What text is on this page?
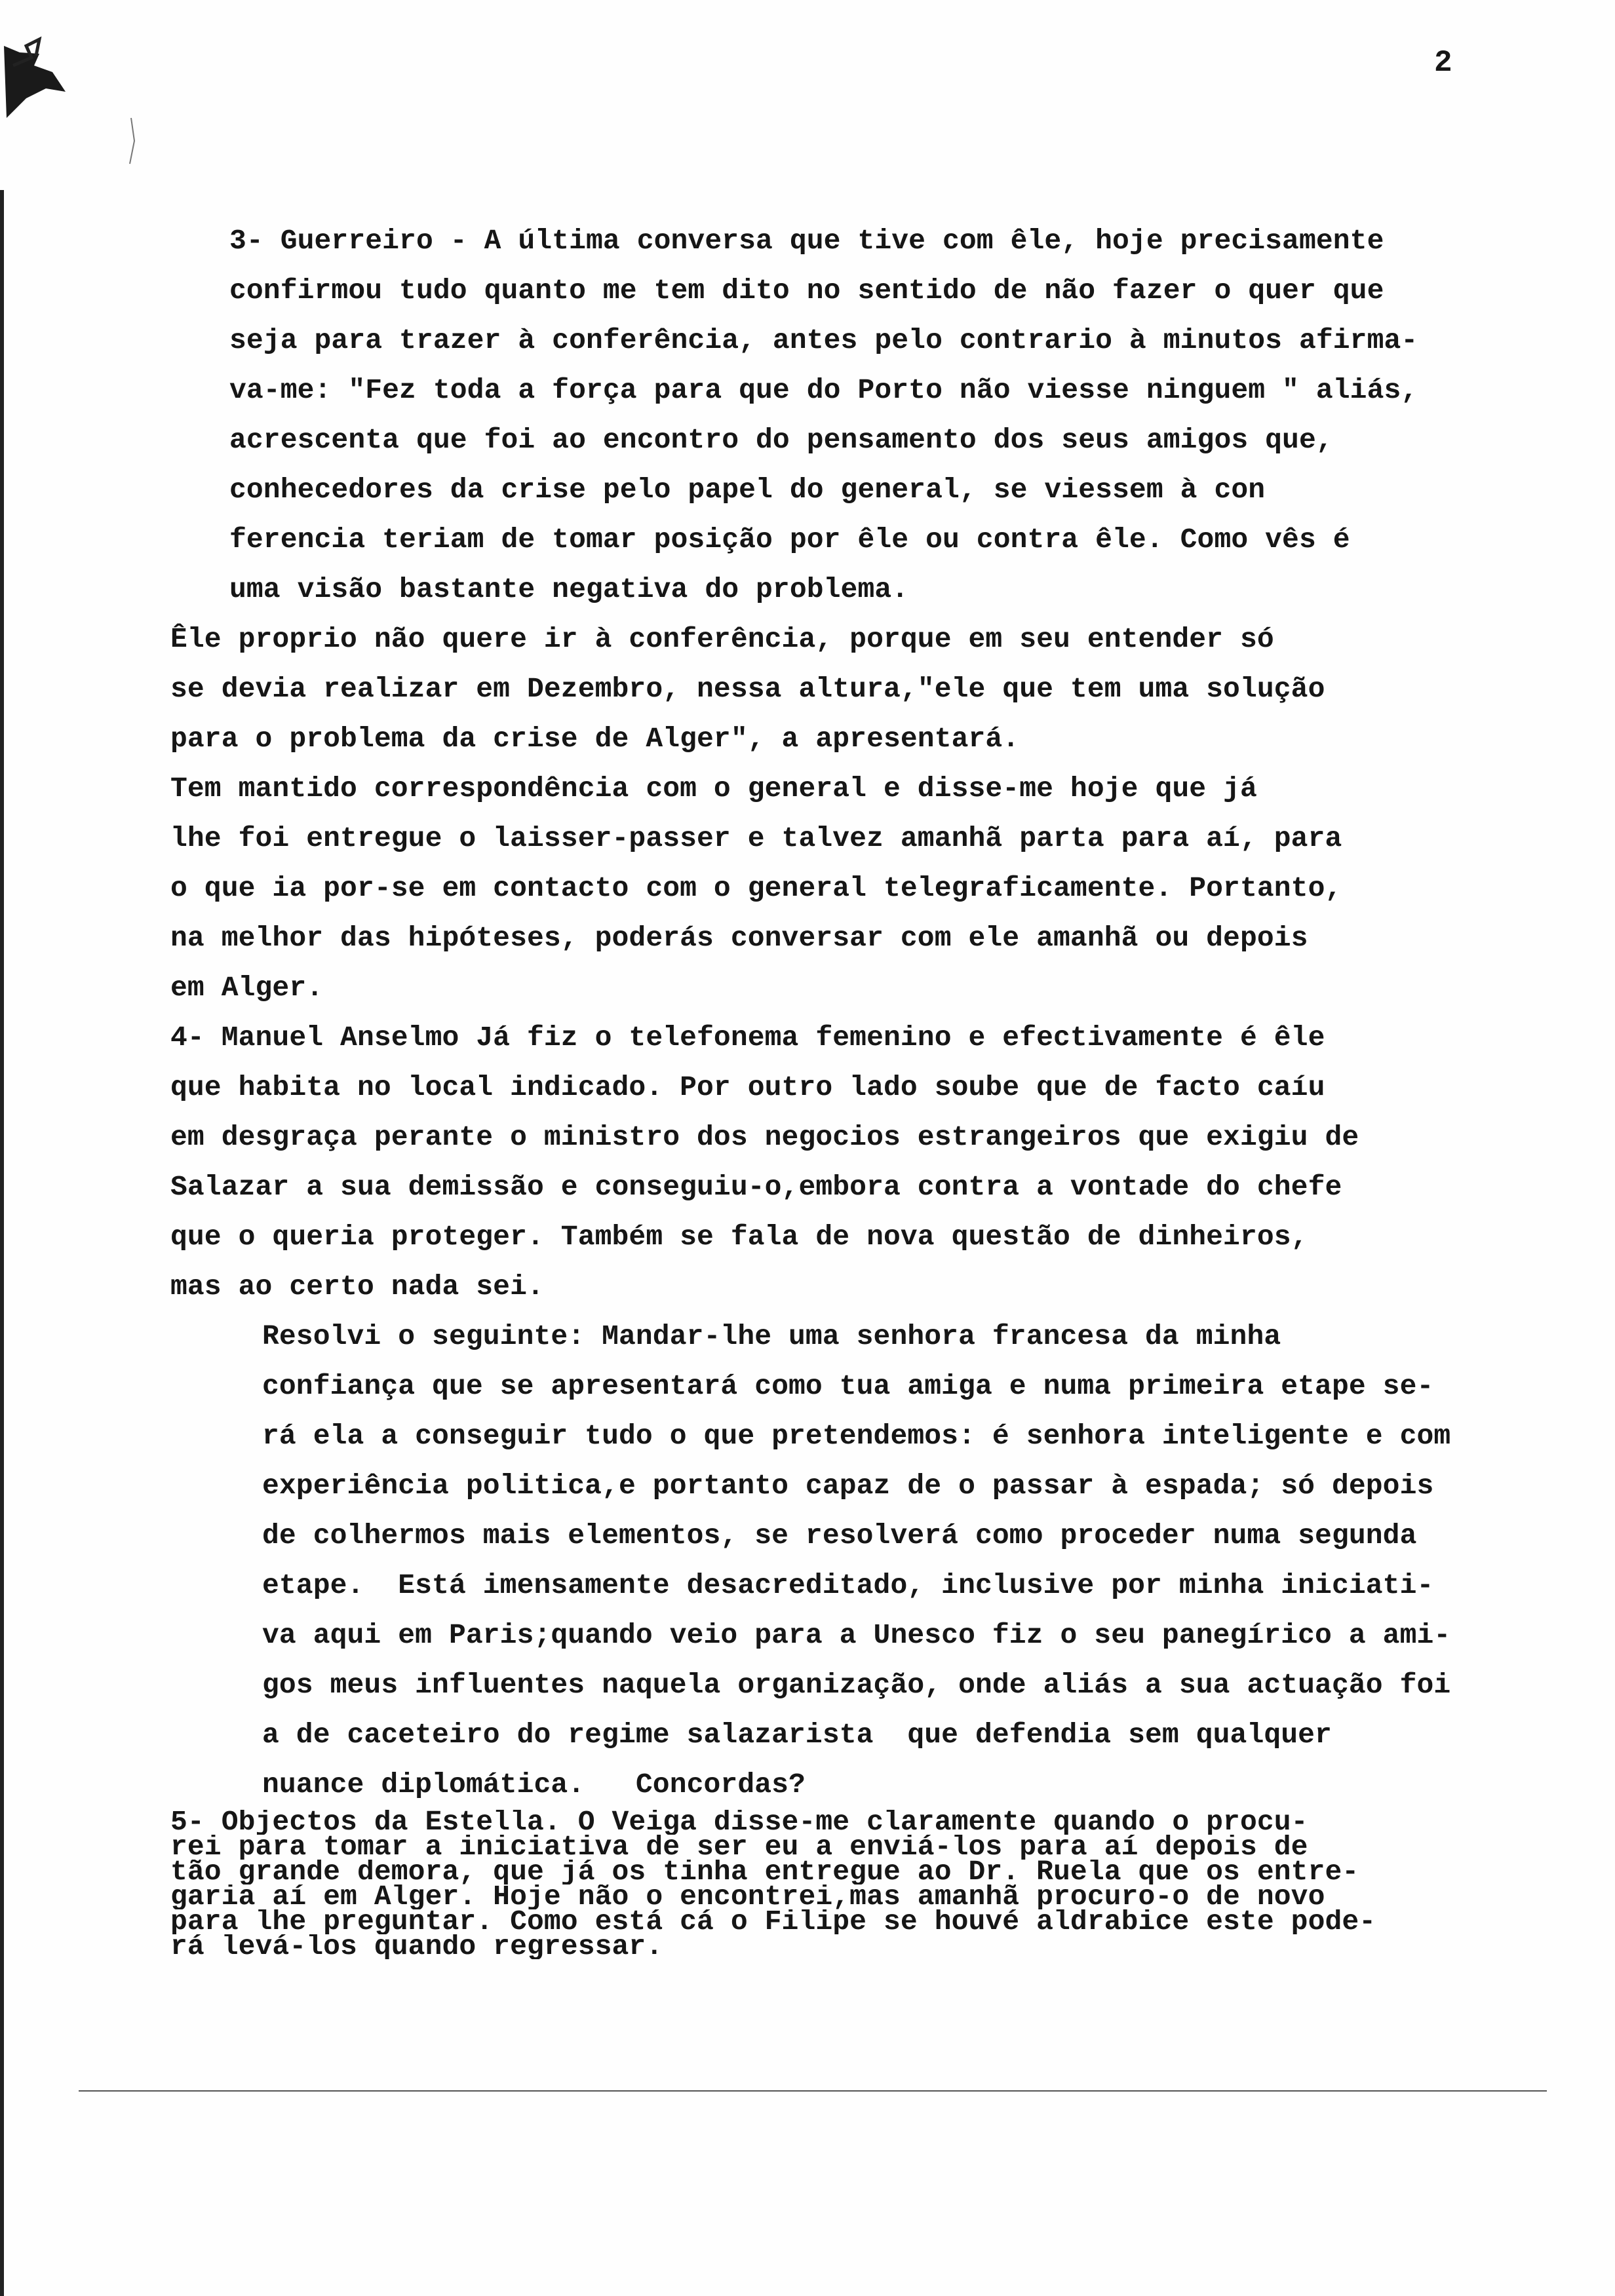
2

3- Guerreiro - A última conversa que tive com êle, hoje precisamente
confirmou tudo quanto me tem dito no sentido de não fazer o quer que
seja para trazer à conferência, antes pelo contrario à minutos afirma-
va-me: "Fez toda a força para que do Porto não viesse ninguem " aliás,
acrescenta que foi ao encontro do pensamento dos seus amigos que,
conhecedores da crise pelo papel do general, se viessem à con
ferencia teriam de tomar posição por êle ou contra êle. Como vês é
uma visão bastante negativa do problema.

Êle proprio não quere ir à conferência, porque em seu entender só
se devia realizar em Dezembro, nessa altura,"ele que tem uma solução
para o problema da crise de Alger", a apresentará.

Tem mantido correspondência com o general e disse-me hoje que já
lhe foi entregue o laisser-passer e talvez amanhã parta para aí, para
o que ia por-se em contacto com o general telegraficamente. Portanto,
na melhor das hipóteses, poderás conversar com ele amanhã ou depois
em Alger.

4- Manuel Anselmo Já fiz o telefonema femenino e efectivamente é êle
que habita no local indicado. Por outro lado soube que de facto caíu
em desgraça perante o ministro dos negocios estrangeiros que exigiu de
Salazar a sua demissão e conseguiu-o,embora contra a vontade do chefe
que o queria proteger. Também se fala de nova questão de dinheiros,
mas ao certo nada sei.

Resolvi o seguinte: Mandar-lhe uma senhora francesa da minha
confiança que se apresentará como tua amiga e numa primeira etape se-
rá ela a conseguir tudo o que pretendemos: é senhora inteligente e com
experiência politica,e portanto capaz de o passar à espada; só depois
de colhermos mais elementos, se resolverá como proceder numa segunda
etape.  Está imensamente desacreditado, inclusive por minha iniciati-
va aqui em Paris;quando veio para a Unesco fiz o seu panegírico a ami-
gos meus influentes naquela organização, onde aliás a sua actuação foi
a de caceteiro do regime salazarista  que defendia sem qualquer
nuance diplomática.   Concordas?

5- Objectos da Estella. O Veiga disse-me claramente quando o procu-
rei para tomar a iniciativa de ser eu a enviá-los para aí depois de
tão grande demora, que já os tinha entregue ao Dr. Ruela que os entre-
garia aí em Alger. Hoje não o encontrei,mas amanhã procuro-o de novo
para lhe preguntar. Como está cá o Filipe se houvé aldrabice este pode-
rá levá-los quando regressar.
